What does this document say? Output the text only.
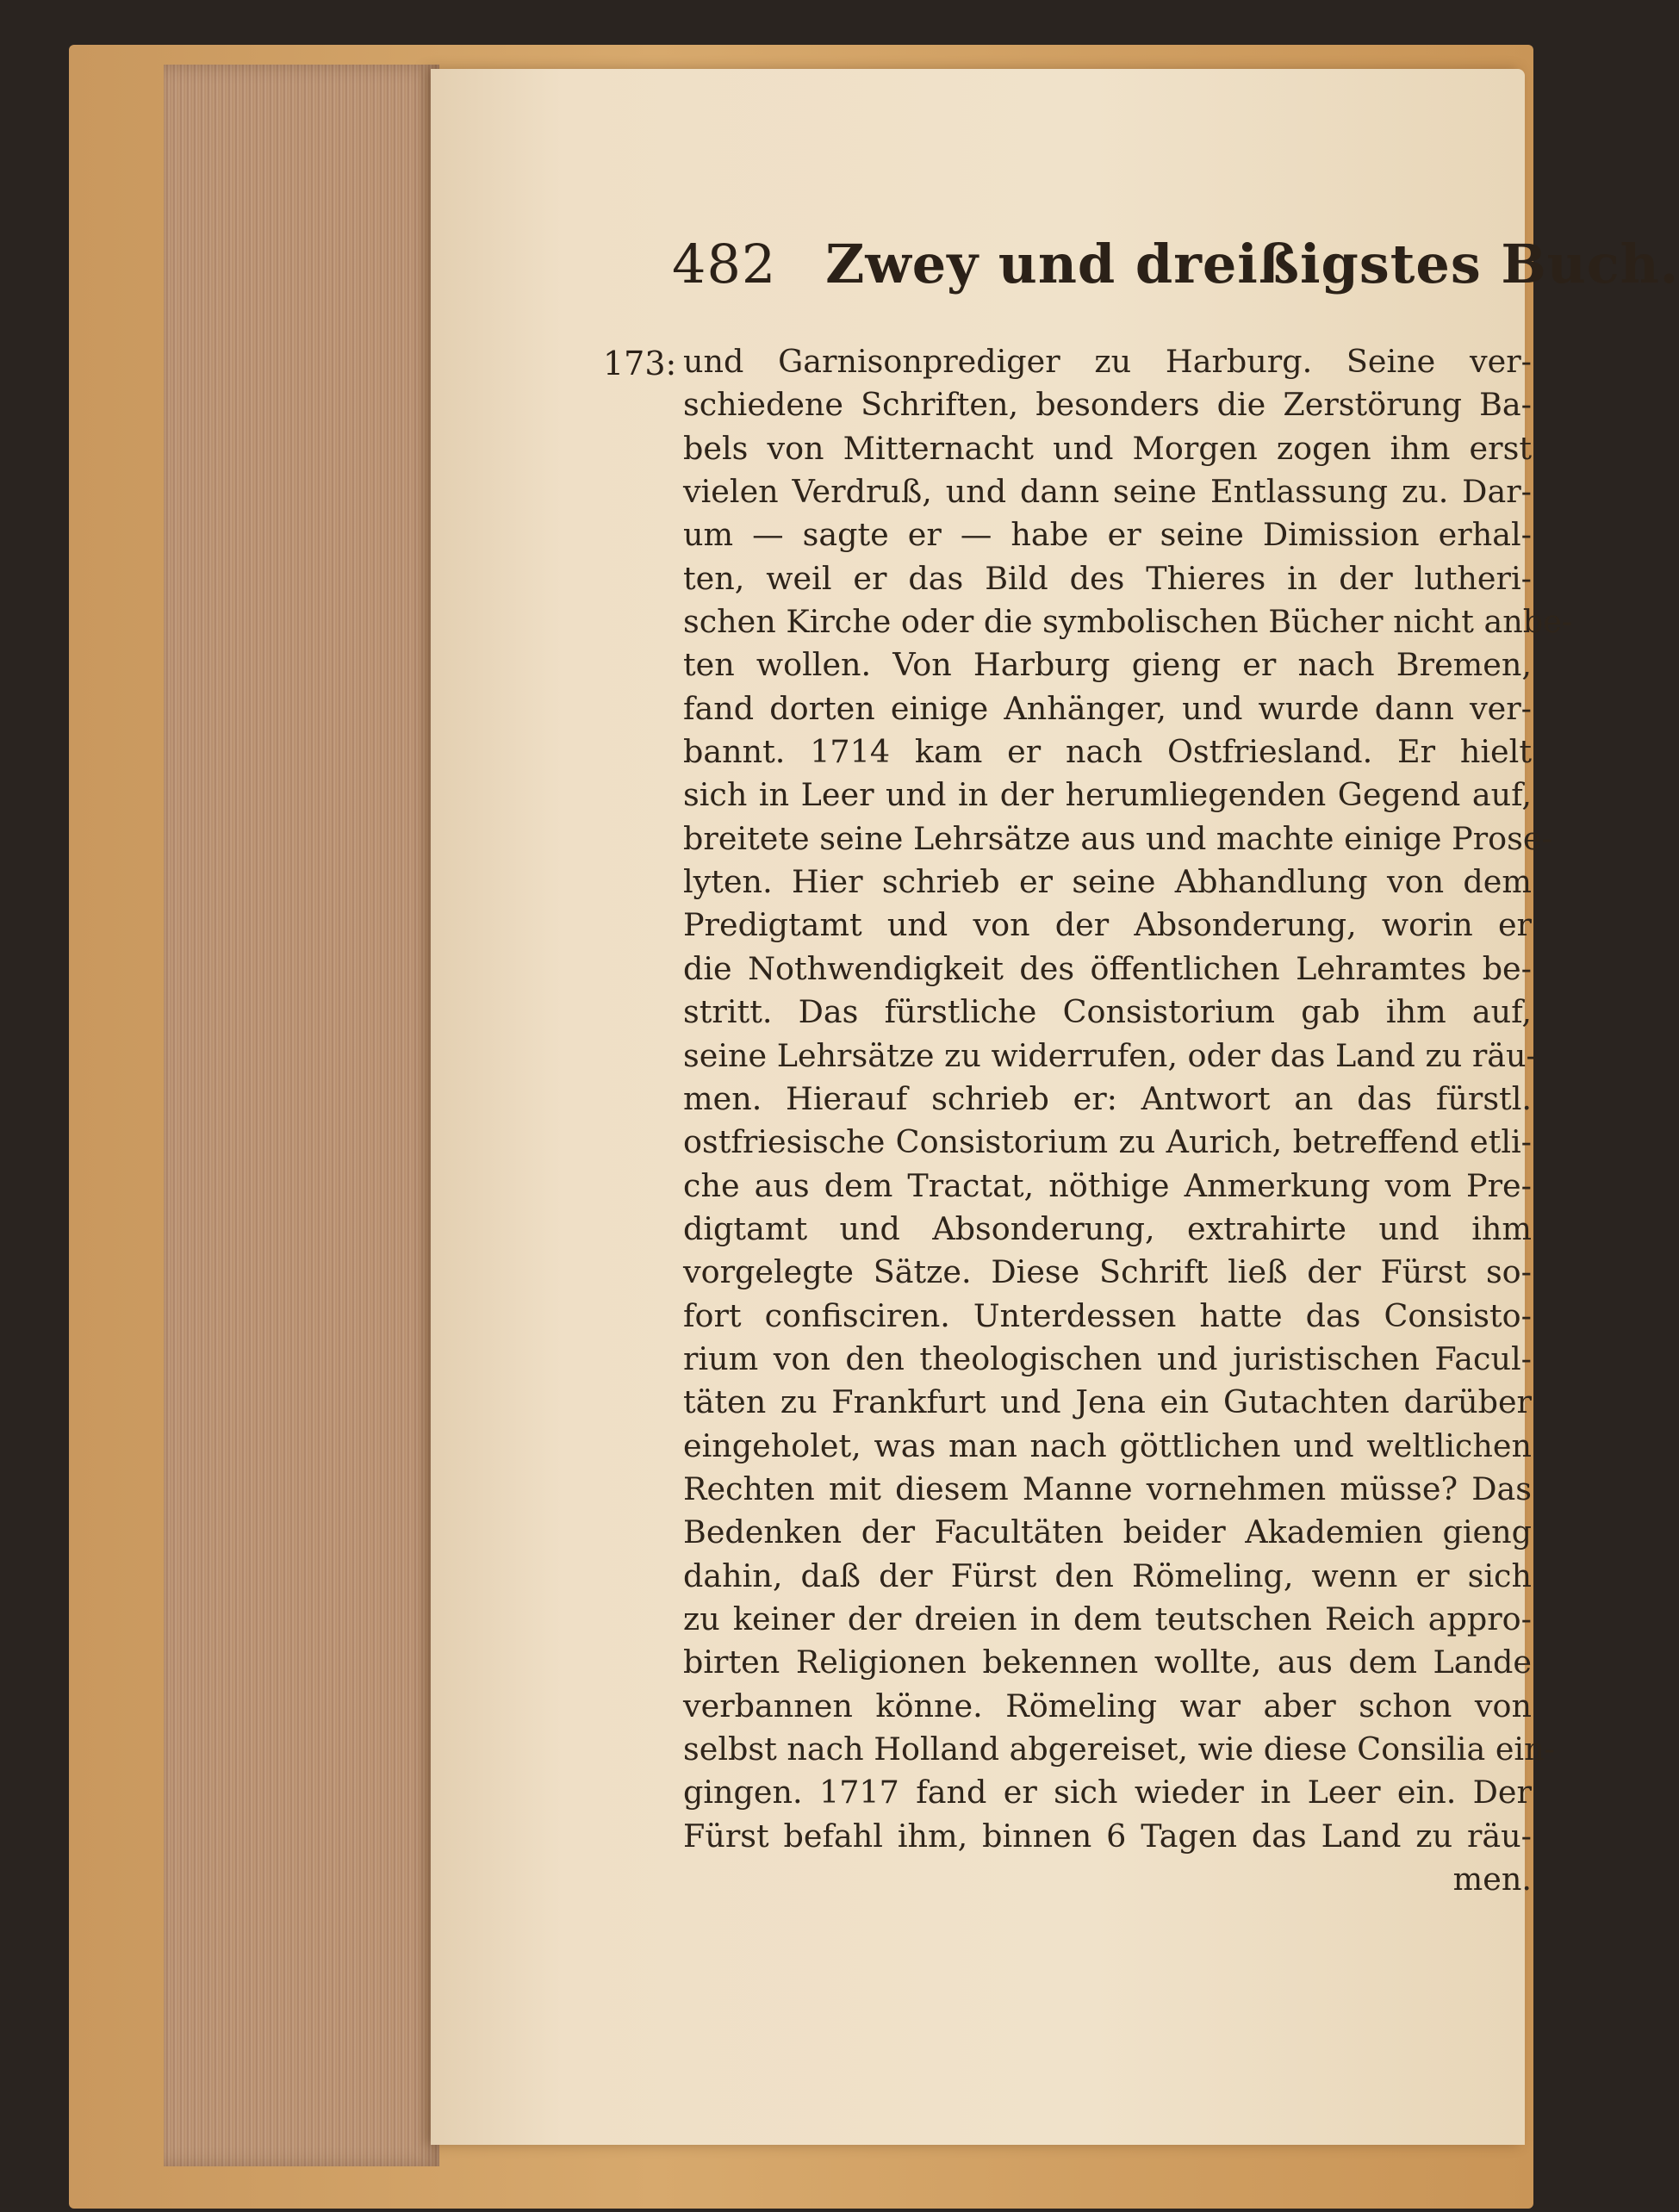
482 Zwey und dreißigstes Buch.
173: und Garnisonprediger zu Harburg. Seine ver-
schiedene Schriften, besonders die Zerstörung Ba-
bels von Mitternacht und Morgen zogen ihm erst
vielen Verdruß, und dann seine Entlassung zu. Dar-
um — sagte er — habe er seine Dimission erhal-
ten, weil er das Bild des Thieres in der lutheri-
schen Kirche oder die symbolischen Bücher nicht anbe-
ten wollen. Von Harburg gieng er nach Bremen,
fand dorten einige Anhänger, und wurde dann ver-
bannt. 1714 kam er nach Ostfriesland. Er hielt
sich in Leer und in der herumliegenden Gegend auf,
breitete seine Lehrsätze aus und machte einige Prose-
lyten. Hier schrieb er seine Abhandlung von dem
Predigtamt und von der Absonderung, worin er
die Nothwendigkeit des öffentlichen Lehramtes be-
stritt. Das fürstliche Consistorium gab ihm auf,
seine Lehrsätze zu widerrufen, oder das Land zu räu-
men. Hierauf schrieb er: Antwort an das fürstl.
ostfriesische Consistorium zu Aurich, betreffend etli-
che aus dem Tractat, nöthige Anmerkung vom Pre-
digtamt und Absonderung, extrahirte und ihm
vorgelegte Sätze. Diese Schrift ließ der Fürst so-
fort confisciren. Unterdessen hatte das Consisto-
rium von den theologischen und juristischen Facul-
täten zu Frankfurt und Jena ein Gutachten darüber
eingeholet, was man nach göttlichen und weltlichen
Rechten mit diesem Manne vornehmen müsse? Das
Bedenken der Facultäten beider Akademien gieng
dahin, daß der Fürst den Römeling, wenn er sich
zu keiner der dreien in dem teutschen Reich appro-
birten Religionen bekennen wollte, aus dem Lande
verbannen könne. Römeling war aber schon von
selbst nach Holland abgereiset, wie diese Consilia ein-
gingen. 1717 fand er sich wieder in Leer ein. Der
Fürst befahl ihm, binnen 6 Tagen das Land zu räu-
men.
